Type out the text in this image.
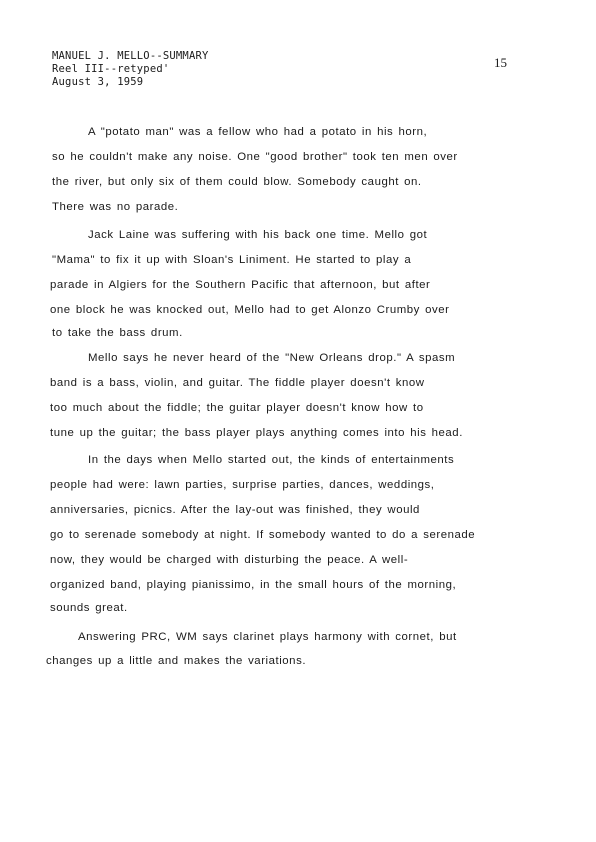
MANUEL J. MELLO--SUMMARY
Reel III--retyped'
August 3, 1959
15
A "potato man" was a fellow who had a potato in his horn,
so he couldn't make any noise. One "good brother" took ten men over
the river, but only six of them could blow. Somebody caught on.
There was no parade.
Jack Laine was suffering with his back one time. Mello got
"Mama" to fix it up with Sloan's Liniment. He started to play a
parade in Algiers for the Southern Pacific that afternoon, but after
one block he was knocked out, Mello had to get Alonzo Crumby over
to take the bass drum.
Mello says he never heard of the "New Orleans drop." A spasm
band is a bass, violin, and guitar. The fiddle player doesn't know
too much about the fiddle; the guitar player doesn't know how to
tune up the guitar; the bass player plays anything comes into his head.
In the days when Mello started out, the kinds of entertainments
people had were: lawn parties, surprise parties, dances, weddings,
anniversaries, picnics. After the lay-out was finished, they would
go to serenade somebody at night. If somebody wanted to do a serenade
now, they would be charged with disturbing the peace. A well-
organized band, playing pianissimo, in the small hours of the morning,
sounds great.
Answering PRC, WM says clarinet plays harmony with cornet, but
changes up a little and makes the variations.
